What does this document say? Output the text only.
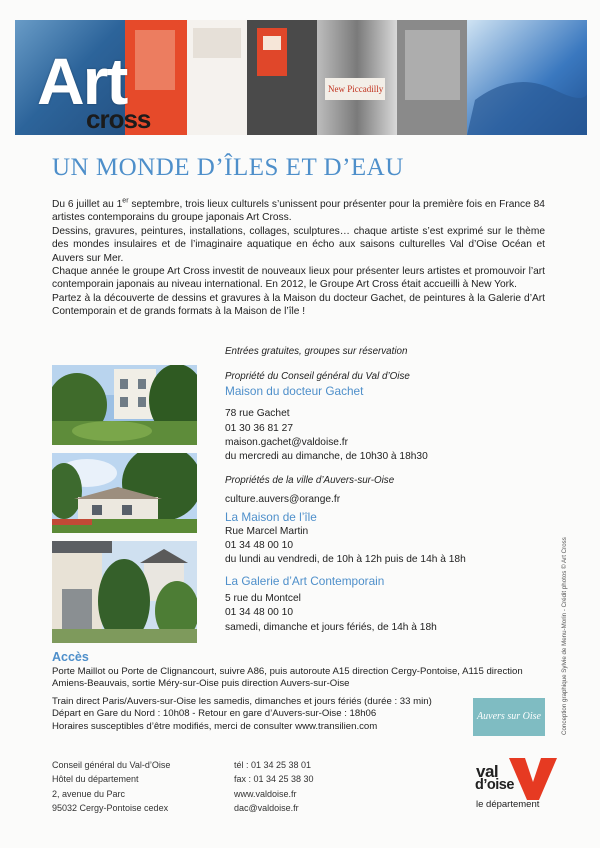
New Piccadilly
Art
cross
UN MONDE D’ÎLES ET D’EAU

Du 6 juillet au 1er septembre, trois lieux culturels s’unissent pour présenter pour la première fois en France 84 artistes contemporains du groupe japonais Art Cross.

Dessins, gravures, peintures, installations, collages, sculptures… chaque artiste s’est exprimé sur le thème des mondes insulaires et de l’imaginaire aquatique en écho aux saisons culturelles Val d’Oise Océan et Auvers sur Mer.

Chaque année le groupe Art Cross investit de nouveaux lieux pour présenter leurs artistes et promouvoir l’art contemporain japonais au niveau international. En 2012, le Groupe Art Cross était accueilli à New York.

Partez à la découverte de dessins et gravures à la Maison du docteur Gachet, de peintures à la Galerie d’Art Contemporain et de grands formats à la Maison de l’île !

Entrées gratuites, groupes sur réservation
Propriété du Conseil général du Val d’Oise
Maison du docteur Gachet
78 rue Gachet
01 30 36 81 27
maison.gachet@valdoise.fr
du mercredi au dimanche, de 10h30 à 18h30
Propriétés de la ville d’Auvers-sur-Oise
culture.auvers@orange.fr
La Maison de l’île
Rue Marcel Martin
01 34 48 00 10
du lundi au vendredi, de 10h à 12h puis de 14h à 18h
La Galerie d’Art Contemporain
5 rue du Montcel
01 34 48 00 10
samedi, dimanche et jours fériés, de 14h à 18h
Accès
Porte Maillot ou Porte de Clignancourt, suivre A86, puis autoroute A15 direction Cergy-Pontoise, A115 direction Amiens-Beauvais, sortie Méry-sur-Oise puis direction Auvers-sur-Oise
Train direct Paris/Auvers-sur-Oise les samedis, dimanches et jours fériés (durée : 33 min)
Départ en Gare du Nord : 10h08 - Retour en gare d’Auvers-sur-Oise : 18h06
Horaires susceptibles d’être modifiés, merci de consulter www.transilien.com
Auvers sur Oise	Conception graphique Sylvie de Menu-Morin - Crédit photos © Art Cross
Conseil général du Val-d’Oise
Hôtel du département
2, avenue du Parc
95032 Cergy-Pontoise cedex
tél : 01 34 25 38 01
fax : 01 34 25 38 30
www.valdoise.fr
dac@valdoise.fr
val
d’oise
le département
